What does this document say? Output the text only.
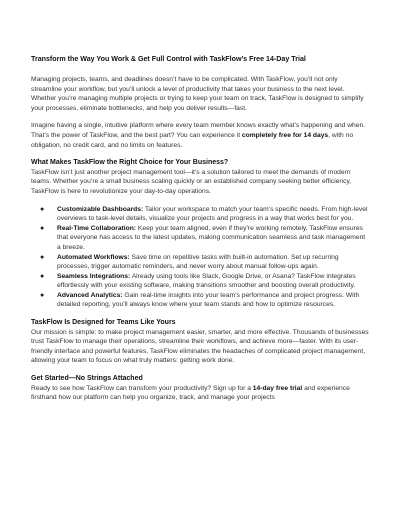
Transform the Way You Work & Get Full Control with TaskFlow’s Free 14-Day Trial

Managing projects, teams, and deadlines doesn’t have to be complicated. With TaskFlow, you’ll not only streamline your workflow, but you’ll unlock a level of productivity that takes your business to the next level. Whether you’re managing multiple projects or trying to keep your team on track, TaskFlow is designed to simplify your processes, eliminate bottlenecks, and help you deliver results—fast.

Imagine having a single, intuitive platform where every team member knows exactly what’s happening and when. That’s the power of TaskFlow, and the best part? You can experience it completely free for 14 days, with no obligation, no credit card, and no limits on features.

What Makes TaskFlow the Right Choice for Your Business?

TaskFlow isn’t just another project management tool—it’s a solution tailored to meet the demands of modern teams. Whether you’re a small business scaling quickly or an established company seeking better efficiency, TaskFlow is here to revolutionize your day-to-day operations.

● Customizable Dashboards: Tailor your workspace to match your team’s specific needs. From high-level overviews to task-level details, visualize your projects and progress in a way that works best for you.
● Real-Time Collaboration: Keep your team aligned, even if they’re working remotely. TaskFlow ensures that everyone has access to the latest updates, making communication seamless and task management a breeze.
● Automated Workflows: Save time on repetitive tasks with built-in automation. Set up recurring processes, trigger automatic reminders, and never worry about manual follow-ups again.
● Seamless Integrations: Already using tools like Slack, Google Drive, or Asana? TaskFlow integrates effortlessly with your existing software, making transitions smoother and boosting overall productivity.
● Advanced Analytics: Gain real-time insights into your team’s performance and project progress. With detailed reporting, you’ll always know where your team stands and how to optimize resources.
TaskFlow Is Designed for Teams Like Yours

Our mission is simple: to make project management easier, smarter, and more effective. Thousands of businesses trust TaskFlow to manage their operations, streamline their workflows, and achieve more—faster. With its user-friendly interface and powerful features, TaskFlow eliminates the headaches of complicated project management, allowing your team to focus on what truly matters: getting work done.

Get Started—No Strings Attached

Ready to see how TaskFlow can transform your productivity? Sign up for a 14-day free trial and experience firsthand how our platform can help you organize, track, and manage your projects
